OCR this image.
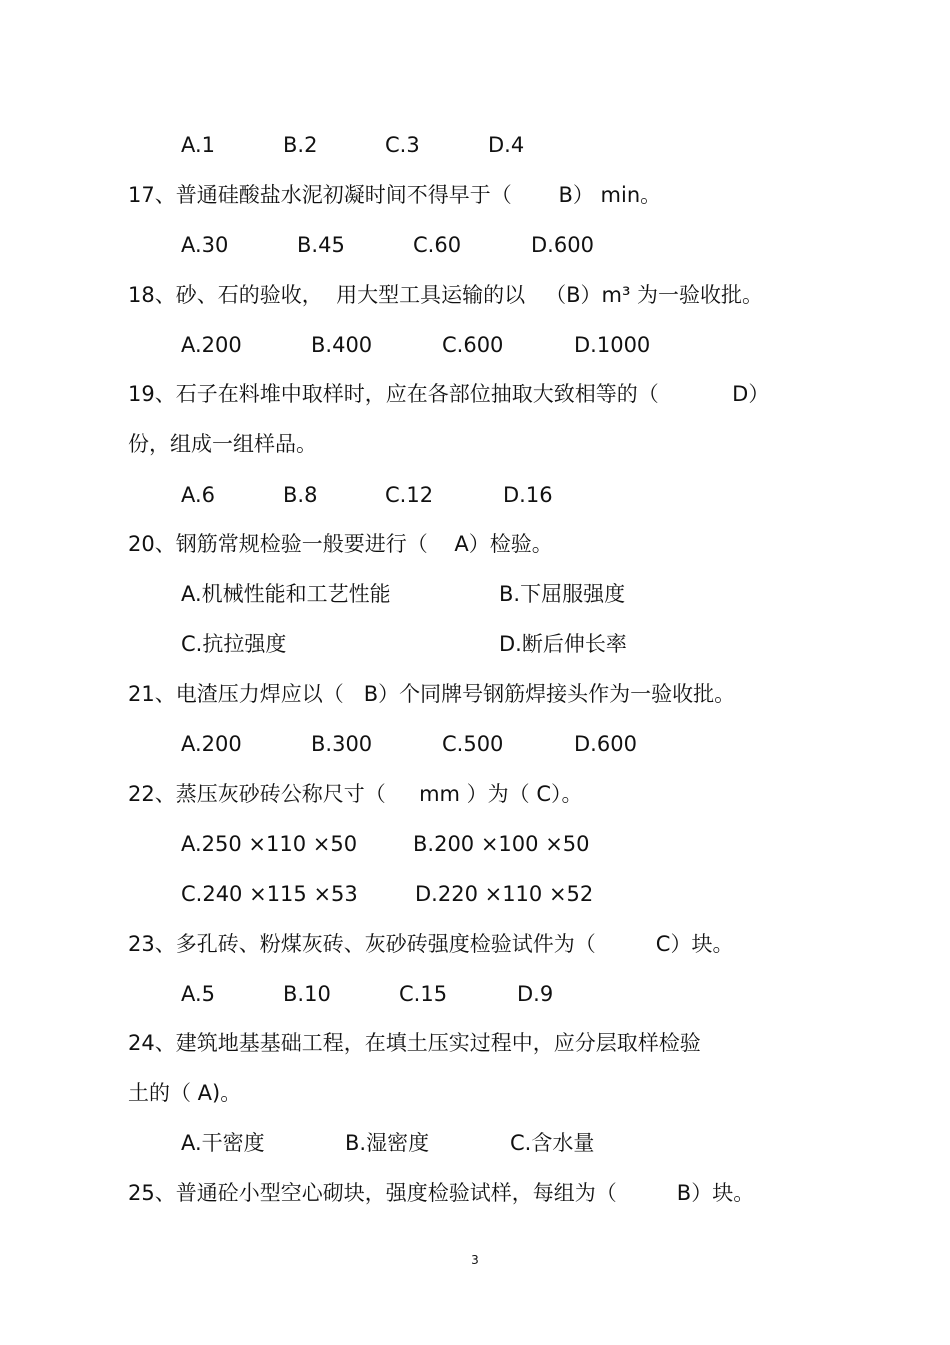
A.1	B.2	C.3	D.4
17、普通硅酸盐水泥初凝时间不得早于（       B） min。
A.30	B.45	C.60	D.600
18、砂、石的验收，  用大型工具运输的以   （B）m³ 为一验收批。
A.200	B.400	C.600	D.1000
19、石子在料堆中取样时，应在各部位抽取大致相等的（           D）
份，组成一组样品。
A.6	B.8	C.12	D.16
20、钢筋常规检验一般要进行（    A）检验。
A.机械性能和工艺性能	B.下屈服强度
C.抗拉强度	D.断后伸长率
21、电渣压力焊应以（   B）个同牌号钢筋焊接头作为一验收批。
A.200	B.300	C.500	D.600
22、蒸压灰砂砖公称尺寸（     mm ）为（ C）。
A.250 ×110 ×50	B.200 ×100 ×50
C.240 ×115 ×53	D.220 ×110 ×52
23、多孔砖、粉煤灰砖、灰砂砖强度检验试件为（         C）块。
A.5	B.10	C.15	D.9
24、建筑地基基础工程，在填土压实过程中，应分层取样检验
土的（ A)。
A.干密度	B.湿密度	C.含水量
25、普通砼小型空心砌块，强度检验试样，每组为（         B）块。
3
